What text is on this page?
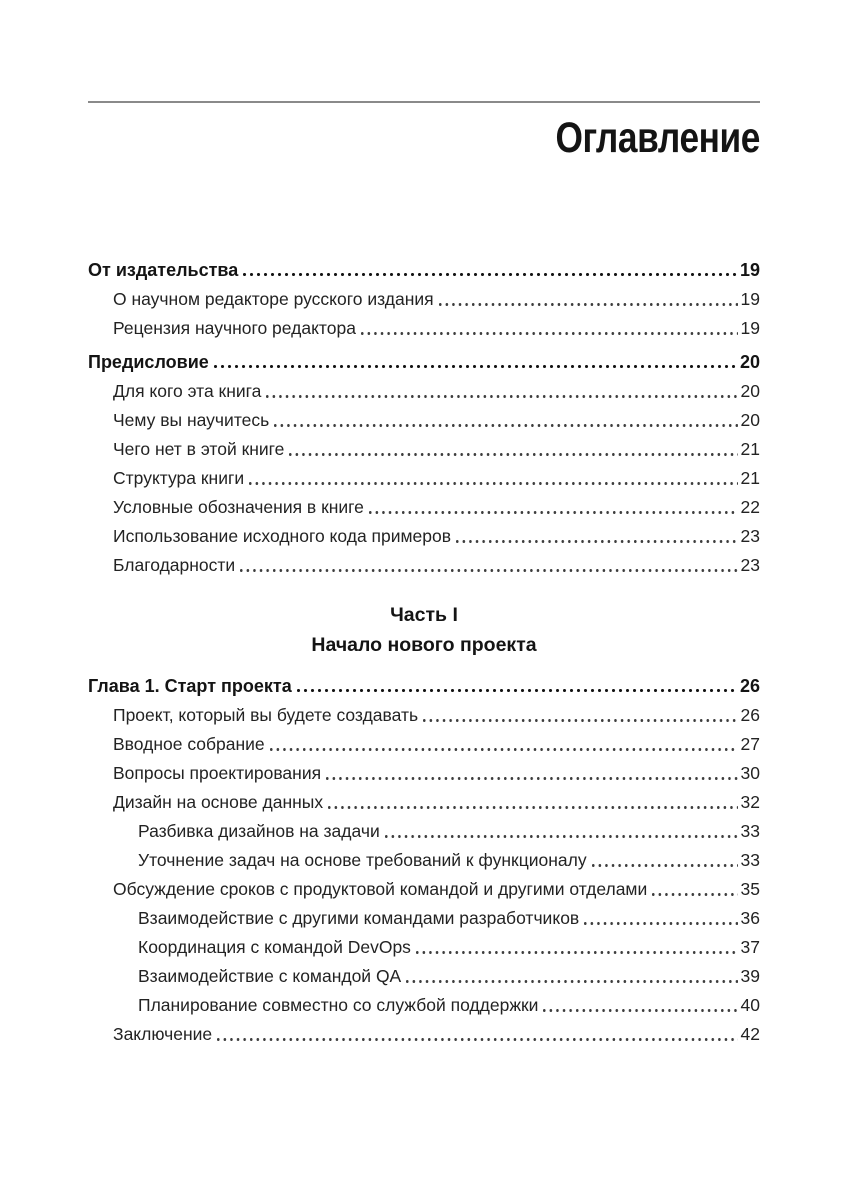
Оглавление
От издательства	19
О научном редакторе русского издания	19
Рецензия научного редактора	19
Предисловие	20
Для кого эта книга	20
Чему вы научитесь	20
Чего нет в этой книге	21
Структура книги	21
Условные обозначения в книге	22
Использование исходного кода примеров	23
Благодарности	23
Часть I
Начало нового проекта
Глава 1. Старт проекта	26
Проект, который вы будете создавать	26
Вводное собрание	27
Вопросы проектирования	30
Дизайн на основе данных	32
Разбивка дизайнов на задачи	33
Уточнение задач на основе требований к функционалу	33
Обсуждение сроков с продуктовой командой и другими отделами	35
Взаимодействие с другими командами разработчиков	36
Координация с командой DevOps	37
Взаимодействие с командой QA	39
Планирование совместно со службой поддержки	40
Заключение	42
